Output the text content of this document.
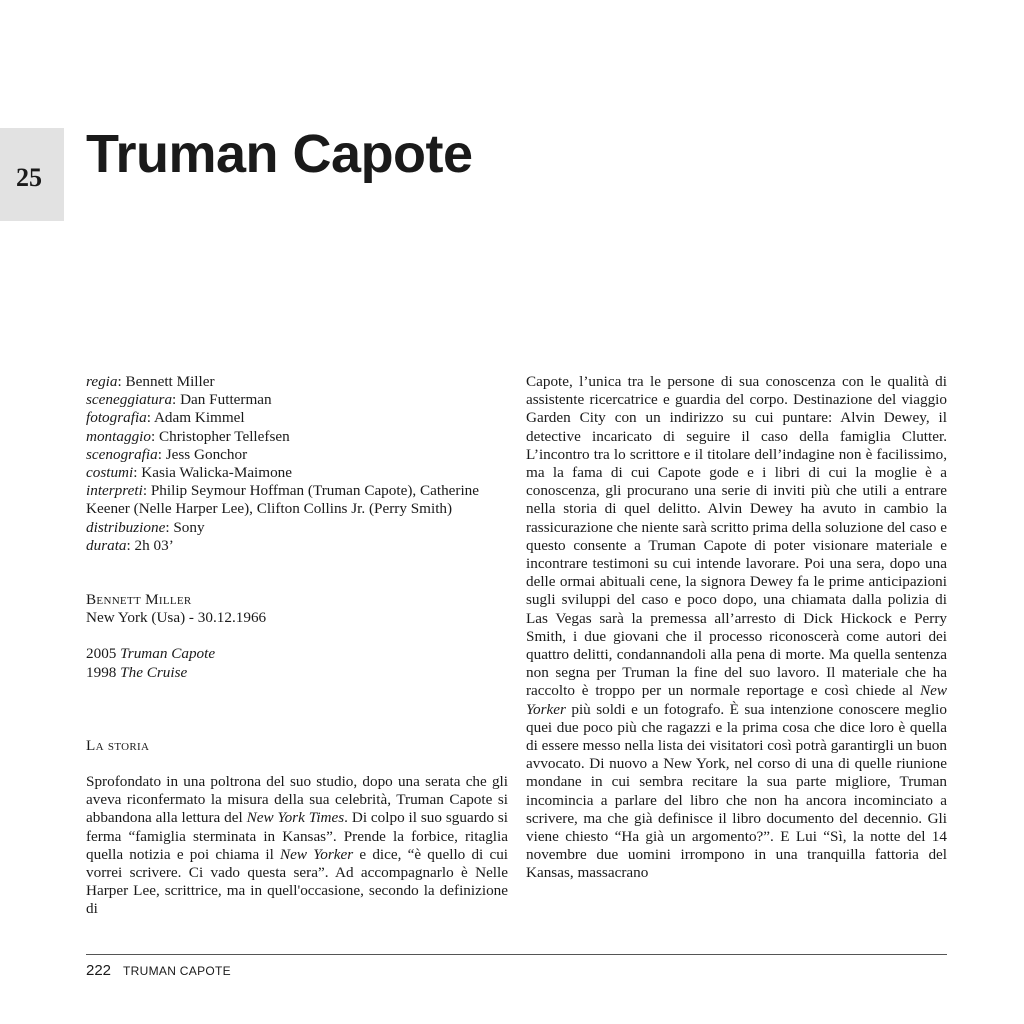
25 Truman Capote
regia: Bennett Miller
sceneggiatura: Dan Futterman
fotografia: Adam Kimmel
montaggio: Christopher Tellefsen
scenografia: Jess Gonchor
costumi: Kasia Walicka-Maimone
interpreti: Philip Seymour Hoffman (Truman Capote), Catherine Keener (Nelle Harper Lee), Clifton Collins Jr. (Perry Smith)
distribuzione: Sony
durata: 2h 03’
Bennett Miller
New York (Usa) - 30.12.1966
2005 Truman Capote
1998 The Cruise
La storia

Sprofondato in una poltrona del suo studio, dopo una serata che gli aveva riconfermato la misura della sua celebrità, Truman Capote si abbandona alla lettura del New York Times. Di colpo il suo sguardo si ferma “famiglia sterminata in Kansas”. Prende la forbice, ritaglia quella notizia e poi chiama il New Yorker e dice, “è quello di cui vorrei scrivere. Ci vado questa sera”. Ad accompagnarlo è Nelle Harper Lee, scrittrice, ma in quell'occasione, secondo la definizione di

Capote, l’unica tra le persone di sua conoscenza con le qualità di assistente ricercatrice e guardia del corpo. Destinazione del viaggio Garden City con un indirizzo su cui puntare: Alvin Dewey, il detective incaricato di seguire il caso della famiglia Clutter. L’incontro tra lo scrittore e il titolare dell’indagine non è facilissimo, ma la fama di cui Capote gode e i libri di cui la moglie è a conoscenza, gli procurano una serie di inviti più che utili a entrare nella storia di quel delitto. Alvin Dewey ha avuto in cambio la rassicurazione che niente sarà scritto prima della soluzione del caso e questo consente a Truman Capote di poter visionare materiale e incontrare testimoni su cui intende lavorare. Poi una sera, dopo una delle ormai abituali cene, la signora Dewey fa le prime anticipazioni sugli sviluppi del caso e poco dopo, una chiamata dalla polizia di Las Vegas sarà la premessa all’arresto di Dick Hickock e Perry Smith, i due giovani che il processo riconoscerà come autori dei quattro delitti, condannandoli alla pena di morte. Ma quella sentenza non segna per Truman la fine del suo lavoro. Il materiale che ha raccolto è troppo per un normale reportage e così chiede al New Yorker più soldi e un fotografo. È sua intenzione conoscere meglio quei due poco più che ragazzi e la prima cosa che dice loro è quella di essere messo nella lista dei visitatori così potrà garantirgli un buon avvocato. Di nuovo a New York, nel corso di una di quelle riunione mondane in cui sembra recitare la sua parte migliore, Truman incomincia a parlare del libro che non ha ancora incominciato a scrivere, ma che già definisce il libro documento del decennio. Gli viene chiesto “Ha già un argomento?”. E Lui “Sì, la notte del 14 novembre due uomini irrompono in una tranquilla fattoria del Kansas, massacrano

222 TRUMAN CAPOTE
